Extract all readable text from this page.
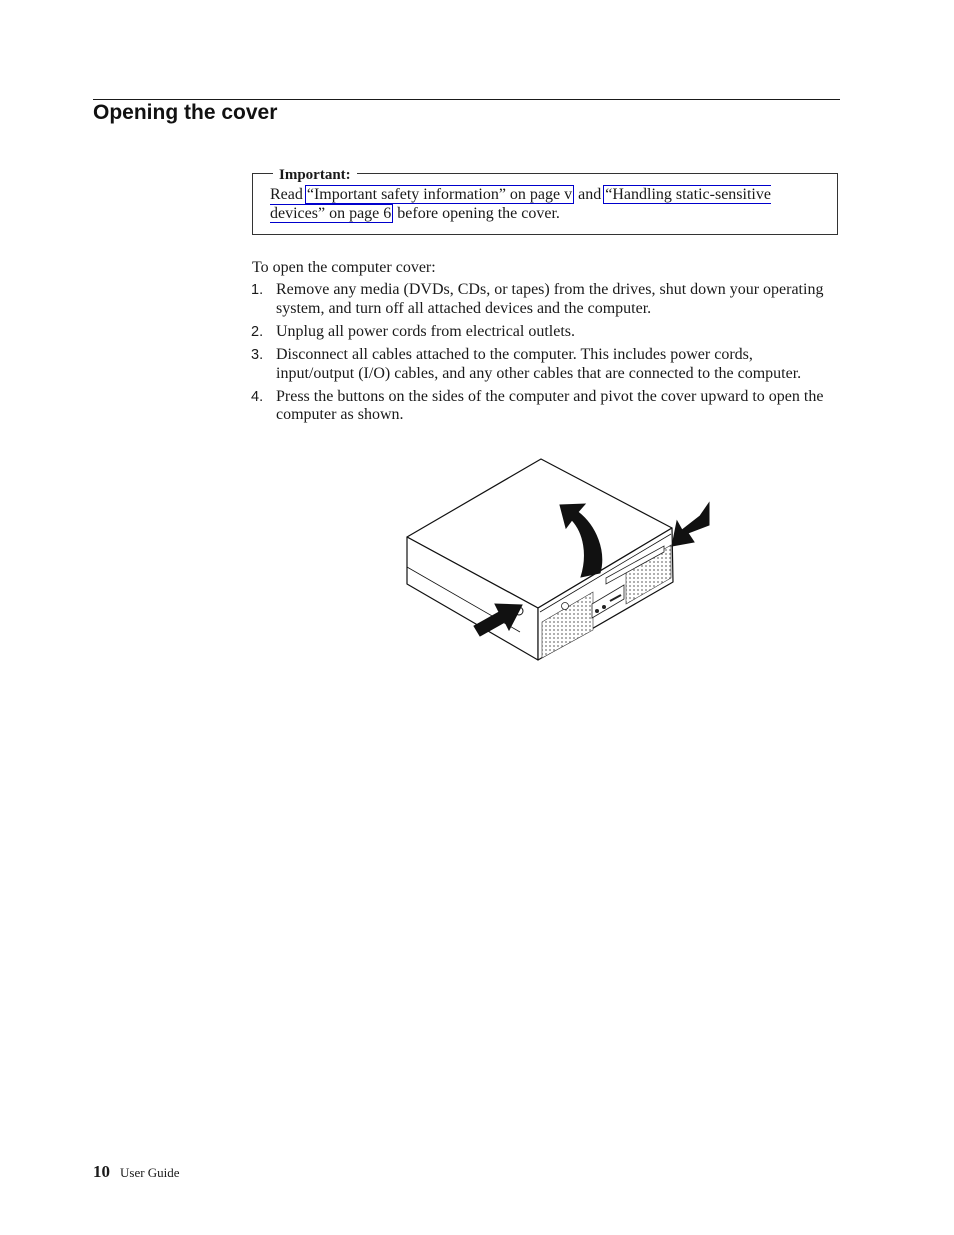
Opening the cover
Important:
Read “Important safety information” on page v and “Handling static-sensitive devices” on page 6 before opening the cover.

To open the computer cover:

1. Remove any media (DVDs, CDs, or tapes) from the drives, shut down your operating system, and turn off all attached devices and the computer.
2. Unplug all power cords from electrical outlets.
3. Disconnect all cables attached to the computer. This includes power cords, input/output (I/O) cables, and any other cables that are connected to the computer.
4. Press the buttons on the sides of the computer and pivot the cover upward to open the computer as shown.
10 User Guide
